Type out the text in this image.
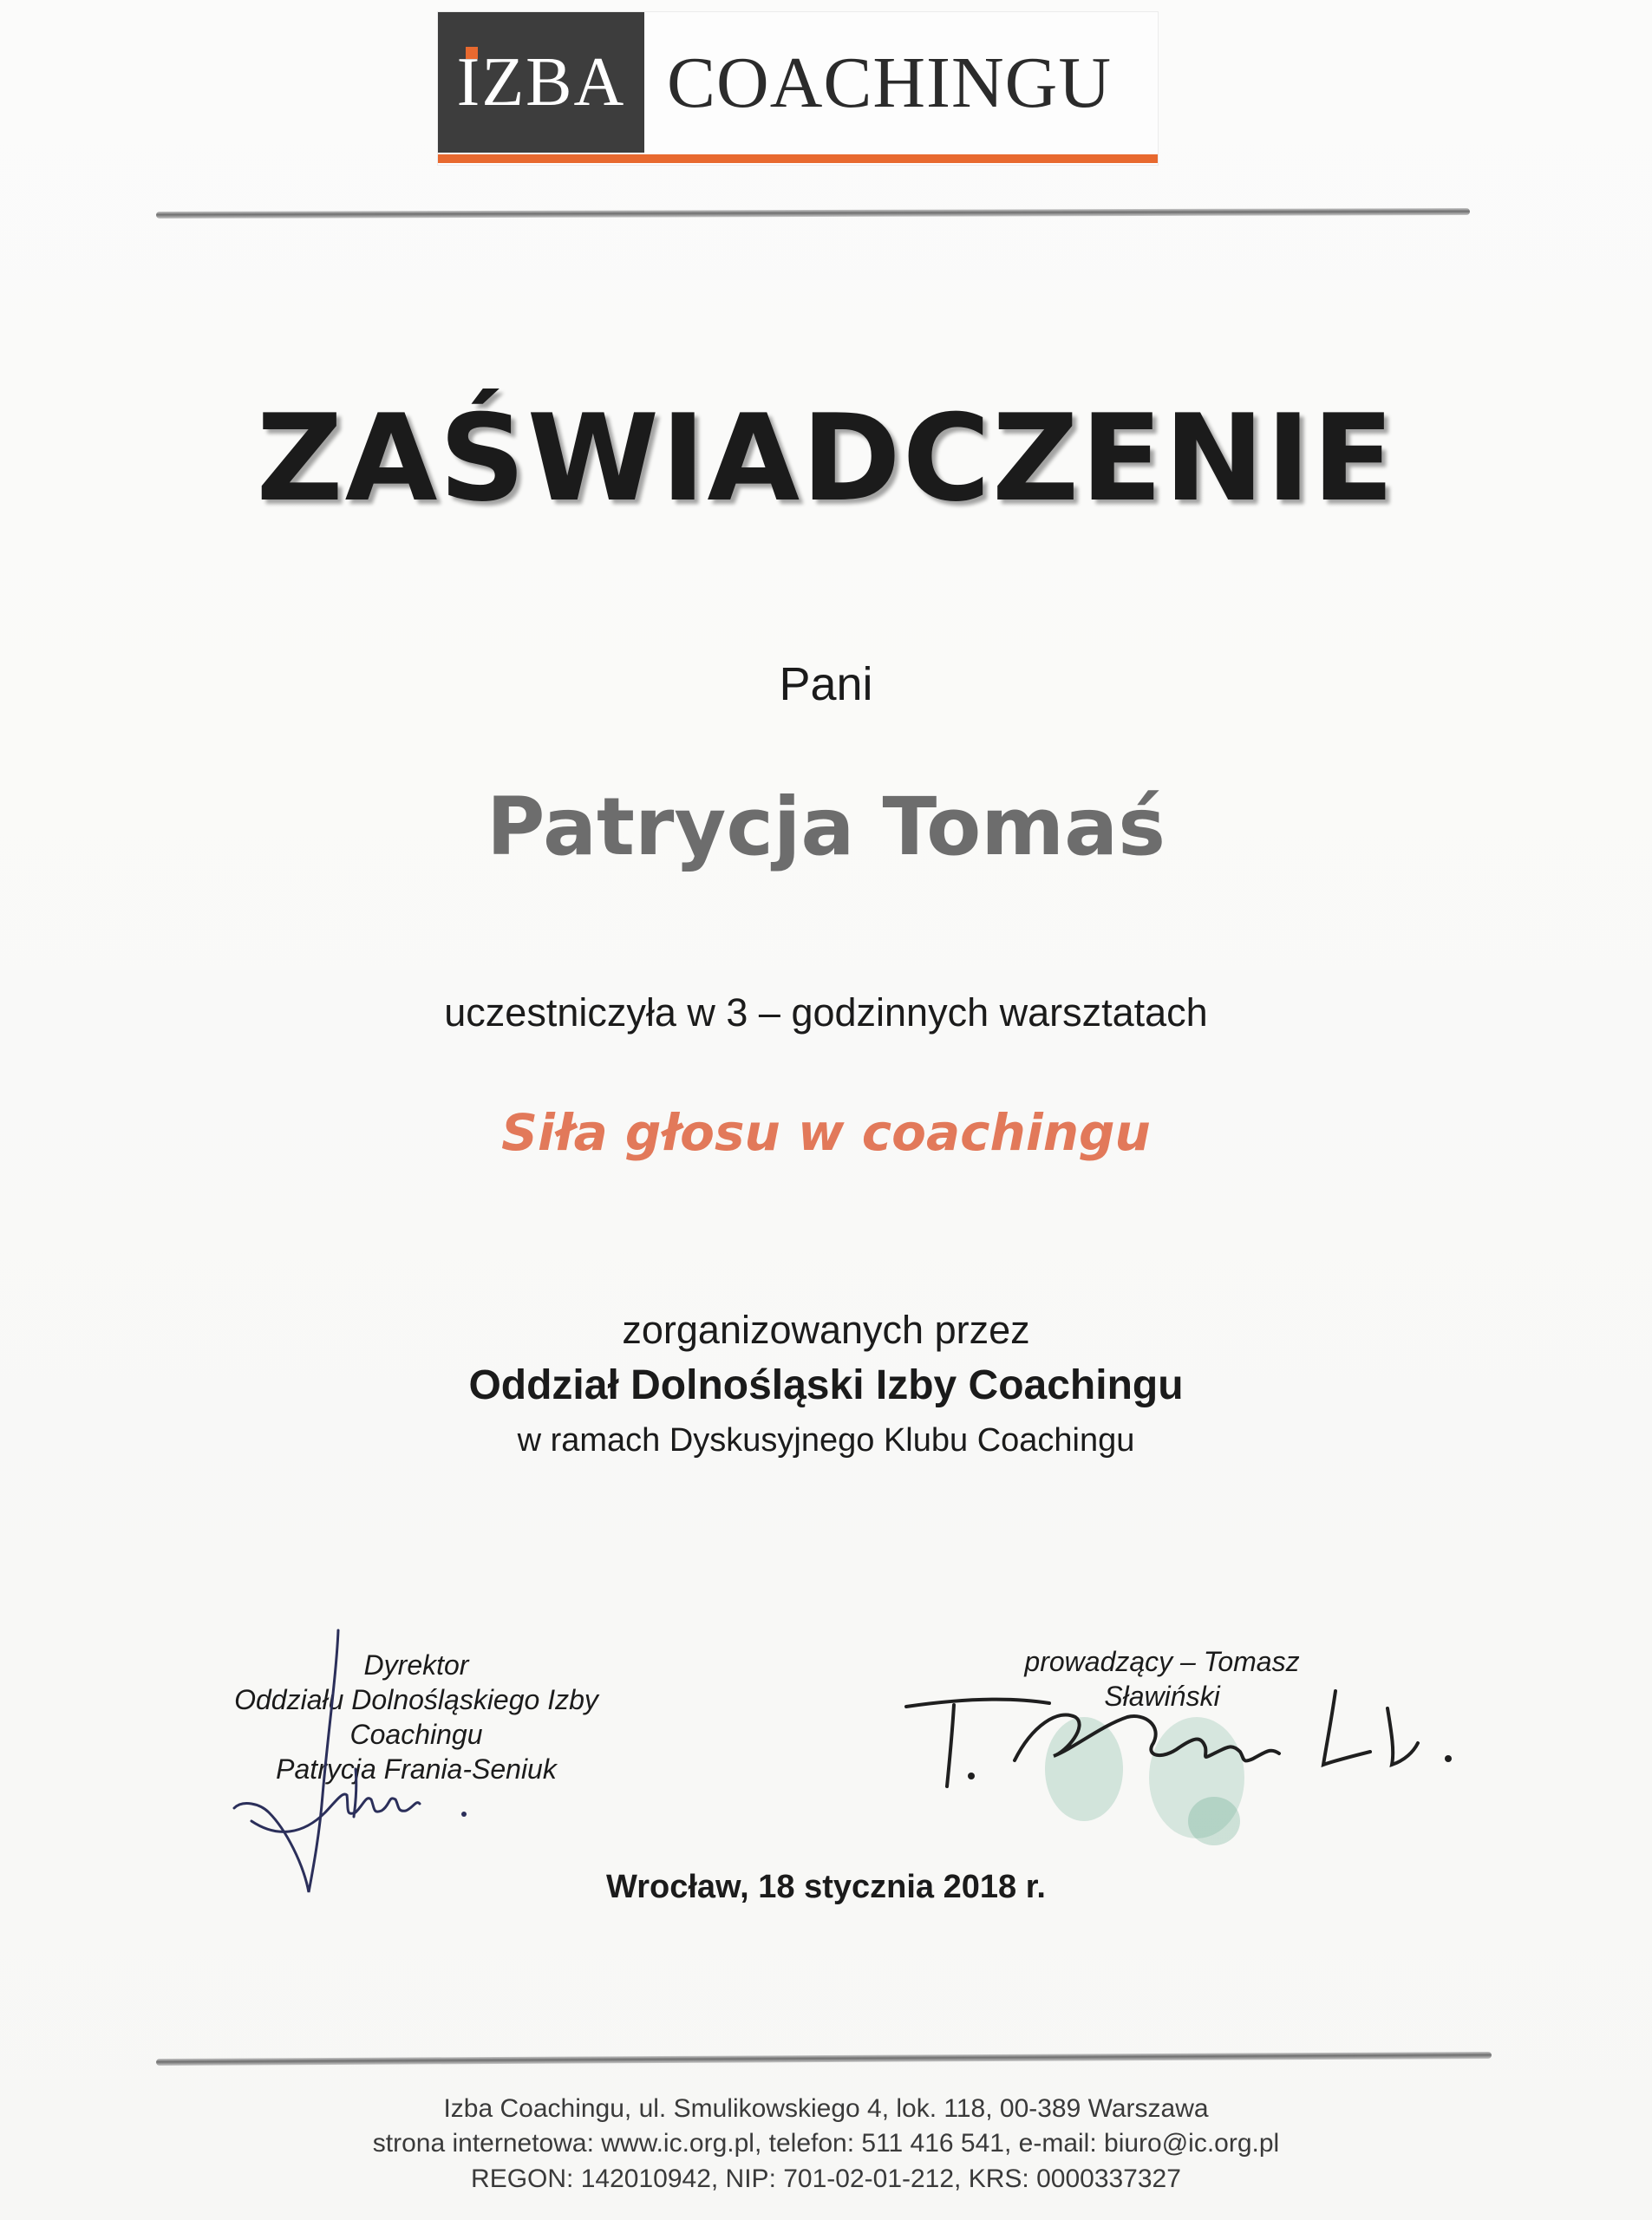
IZBA COACHINGU
ZAŚWIADCZENIE
Pani
Patrycja Tomaś
uczestniczyła w 3 – godzinnych warsztatach
Siła głosu w coachingu
zorganizowanych przez
Oddział Dolnośląski Izby Coachingu
w ramach Dyskusyjnego Klubu Coachingu
Dyrektor
Oddziału Dolnośląskiego Izby Coachingu
Patrycja Frania-Seniuk
prowadzący – Tomasz Sławiński
Wrocław, 18 stycznia 2018 r.
Izba Coachingu, ul. Smulikowskiego 4, lok. 118, 00-389 Warszawa
strona internetowa: www.ic.org.pl, telefon: 511 416 541, e-mail: biuro@ic.org.pl
REGON: 142010942, NIP: 701-02-01-212, KRS: 0000337327
